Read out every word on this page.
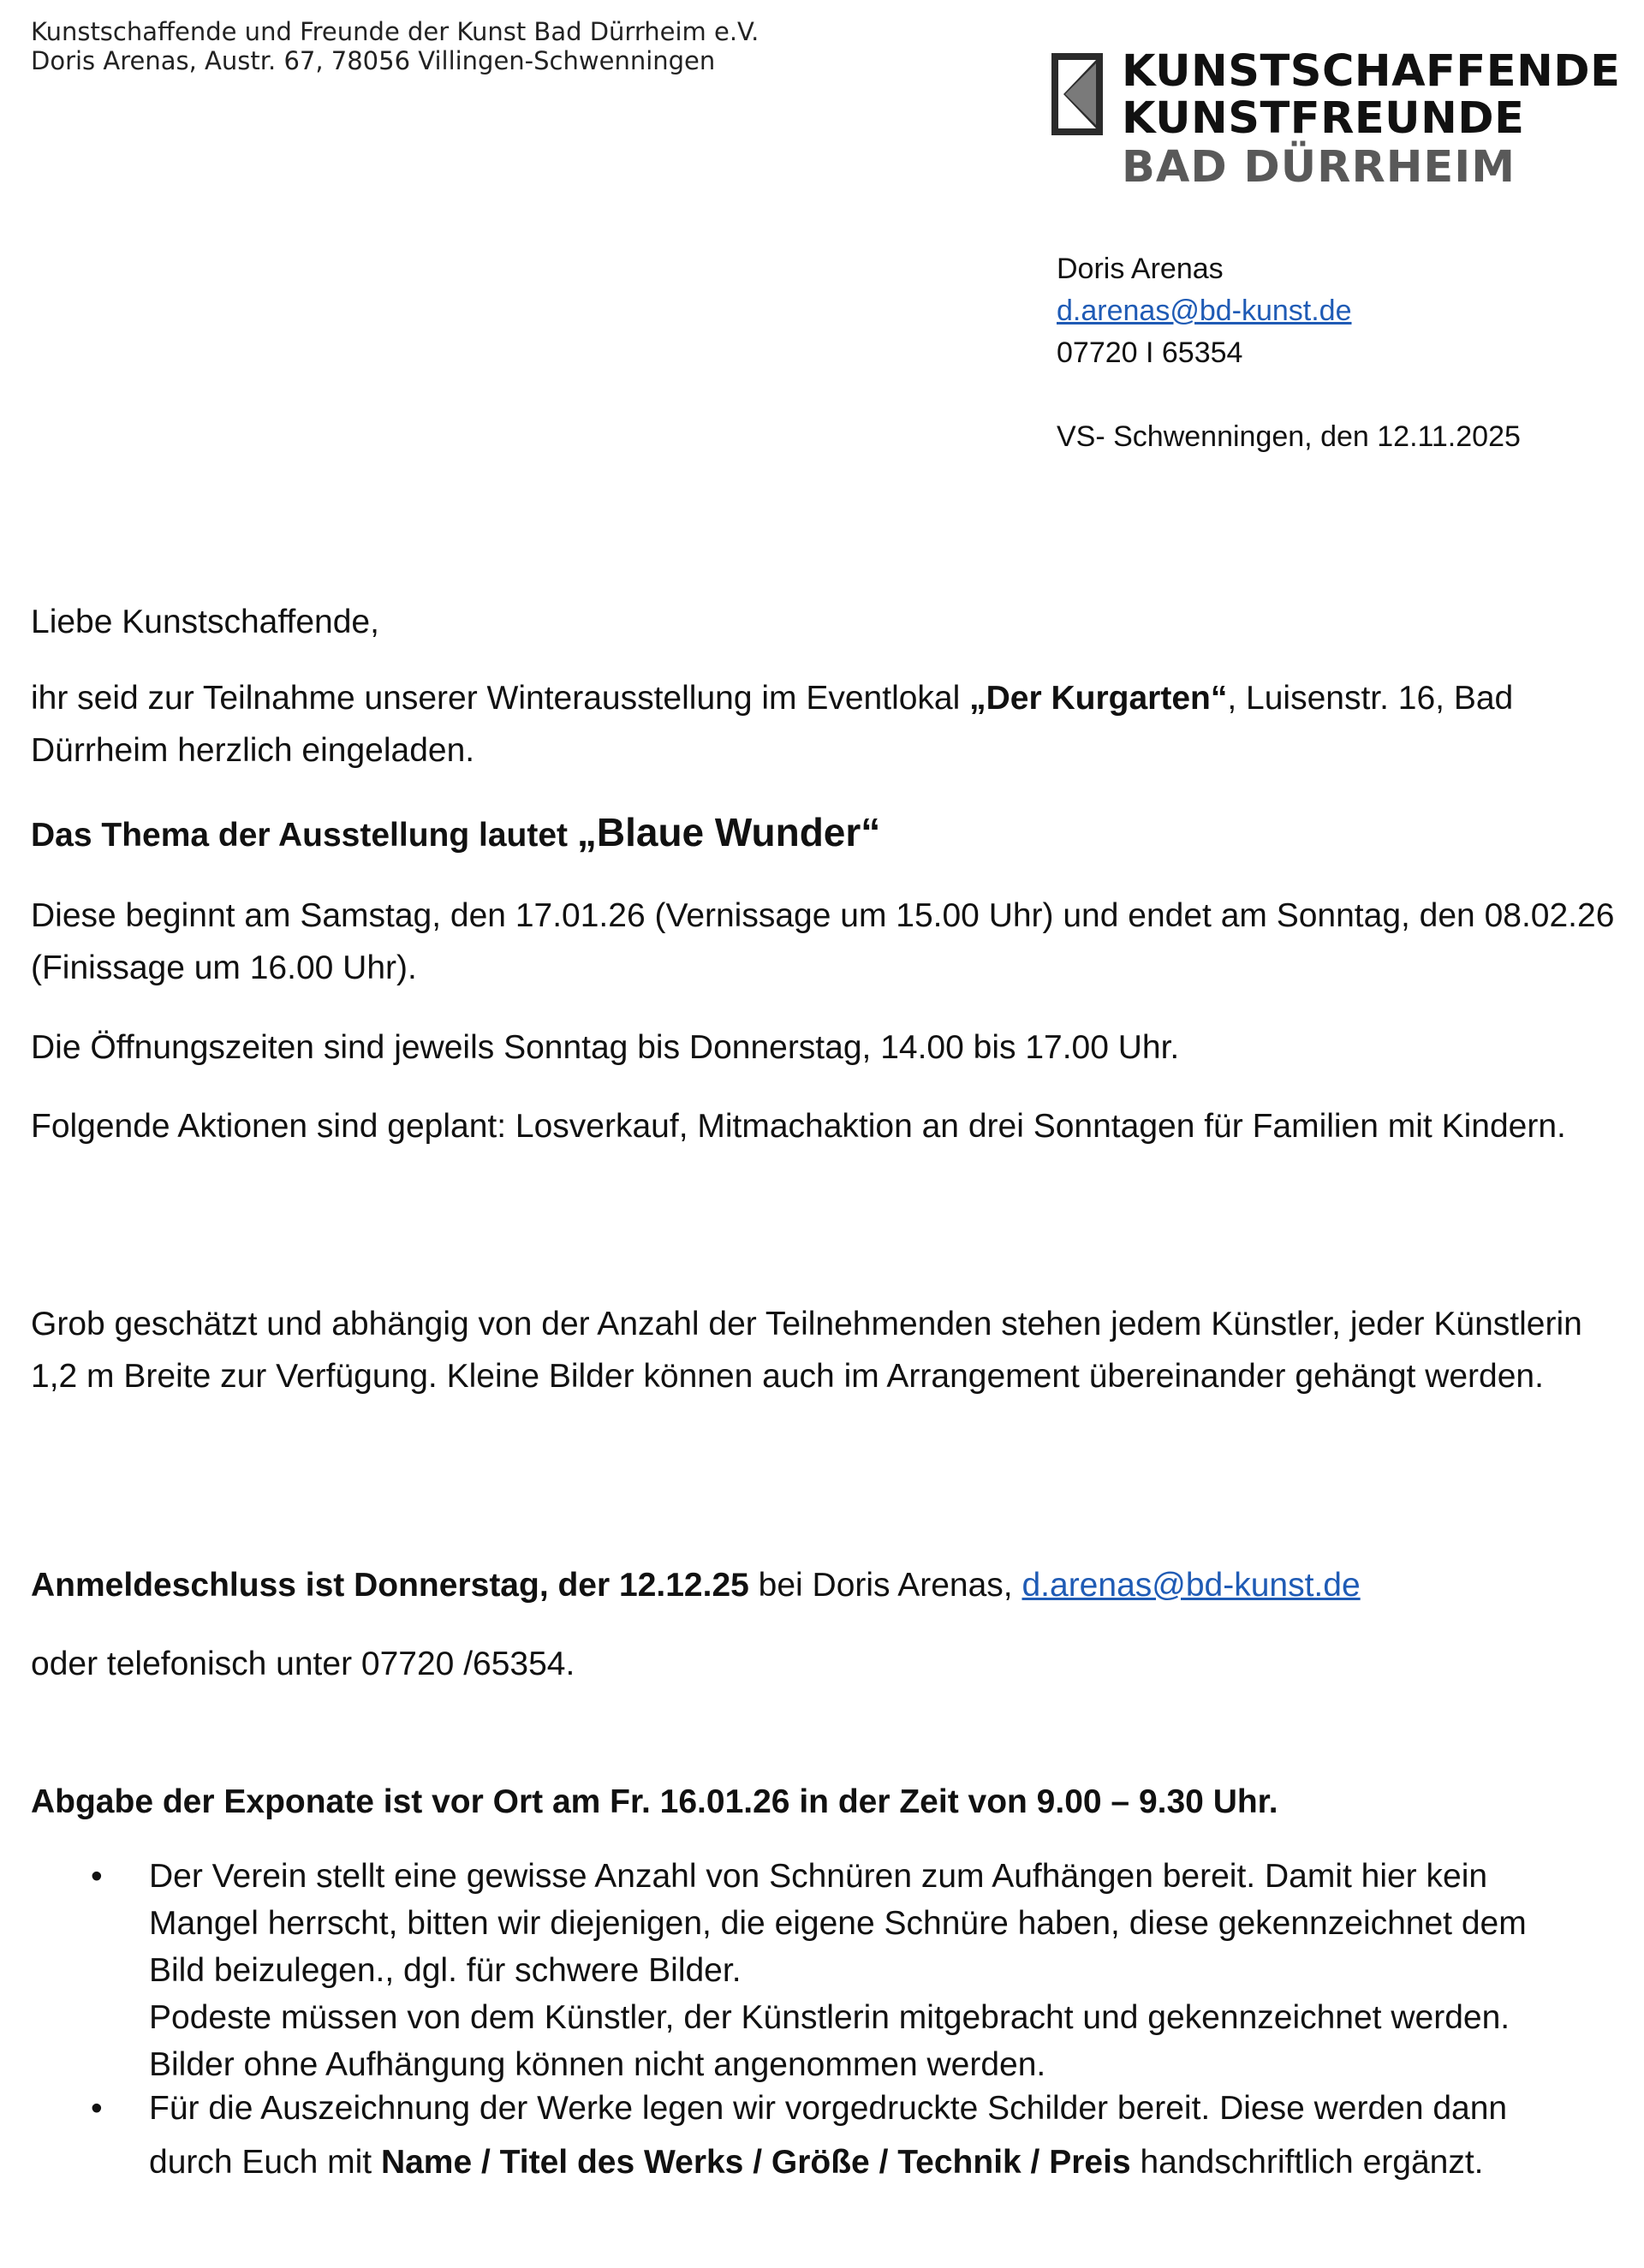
Kunstschaffende und Freunde der Kunst Bad Dürrheim e.V.
Doris Arenas, Austr. 67, 78056 Villingen-Schwenningen	KUNSTSCHAFFENDE
KUNSTFREUNDE
BAD DÜRRHEIM
Doris Arenas
d.arenas@bd-kunst.de
07720 I 65354
VS- Schwenningen, den 12.11.2025
Liebe Kunstschaffende,
ihr seid zur Teilnahme unserer Winterausstellung im Eventlokal „Der Kurgarten“, Luisenstr. 16, Bad Dürrheim herzlich eingeladen.
Das Thema der Ausstellung lautet „Blaue Wunder“
Diese beginnt am Samstag, den 17.01.26 (Vernissage um 15.00 Uhr) und endet am Sonntag, den 08.02.26 (Finissage um 16.00 Uhr).
Die Öffnungszeiten sind jeweils Sonntag bis Donnerstag, 14.00 bis 17.00 Uhr.
Folgende Aktionen sind geplant: Losverkauf, Mitmachaktion an drei Sonntagen für Familien mit Kindern.
Grob geschätzt und abhängig von der Anzahl der Teilnehmenden stehen jedem Künstler, jeder Künstlerin 1,2 m Breite zur Verfügung. Kleine Bilder können auch im Arrangement übereinander gehängt werden.
Anmeldeschluss ist Donnerstag, der 12.12.25 bei Doris Arenas, d.arenas@bd-kunst.de
oder telefonisch unter 07720 /65354.
Abgabe der Exponate ist vor Ort am Fr. 16.01.26 in der Zeit von 9.00 – 9.30 Uhr.
• Der Verein stellt eine gewisse Anzahl von Schnüren zum Aufhängen bereit. Damit hier kein Mangel herrscht, bitten wir diejenigen, die eigene Schnüre haben, diese gekennzeichnet dem Bild beizulegen., dgl. für schwere Bilder.
Podeste müssen von dem Künstler, der Künstlerin mitgebracht und gekennzeichnet werden. Bilder ohne Aufhängung können nicht angenommen werden.
• Für die Auszeichnung der Werke legen wir vorgedruckte Schilder bereit. Diese werden dann durch Euch mit Name / Titel des Werks / Größe / Technik / Preis handschriftlich ergänzt.
